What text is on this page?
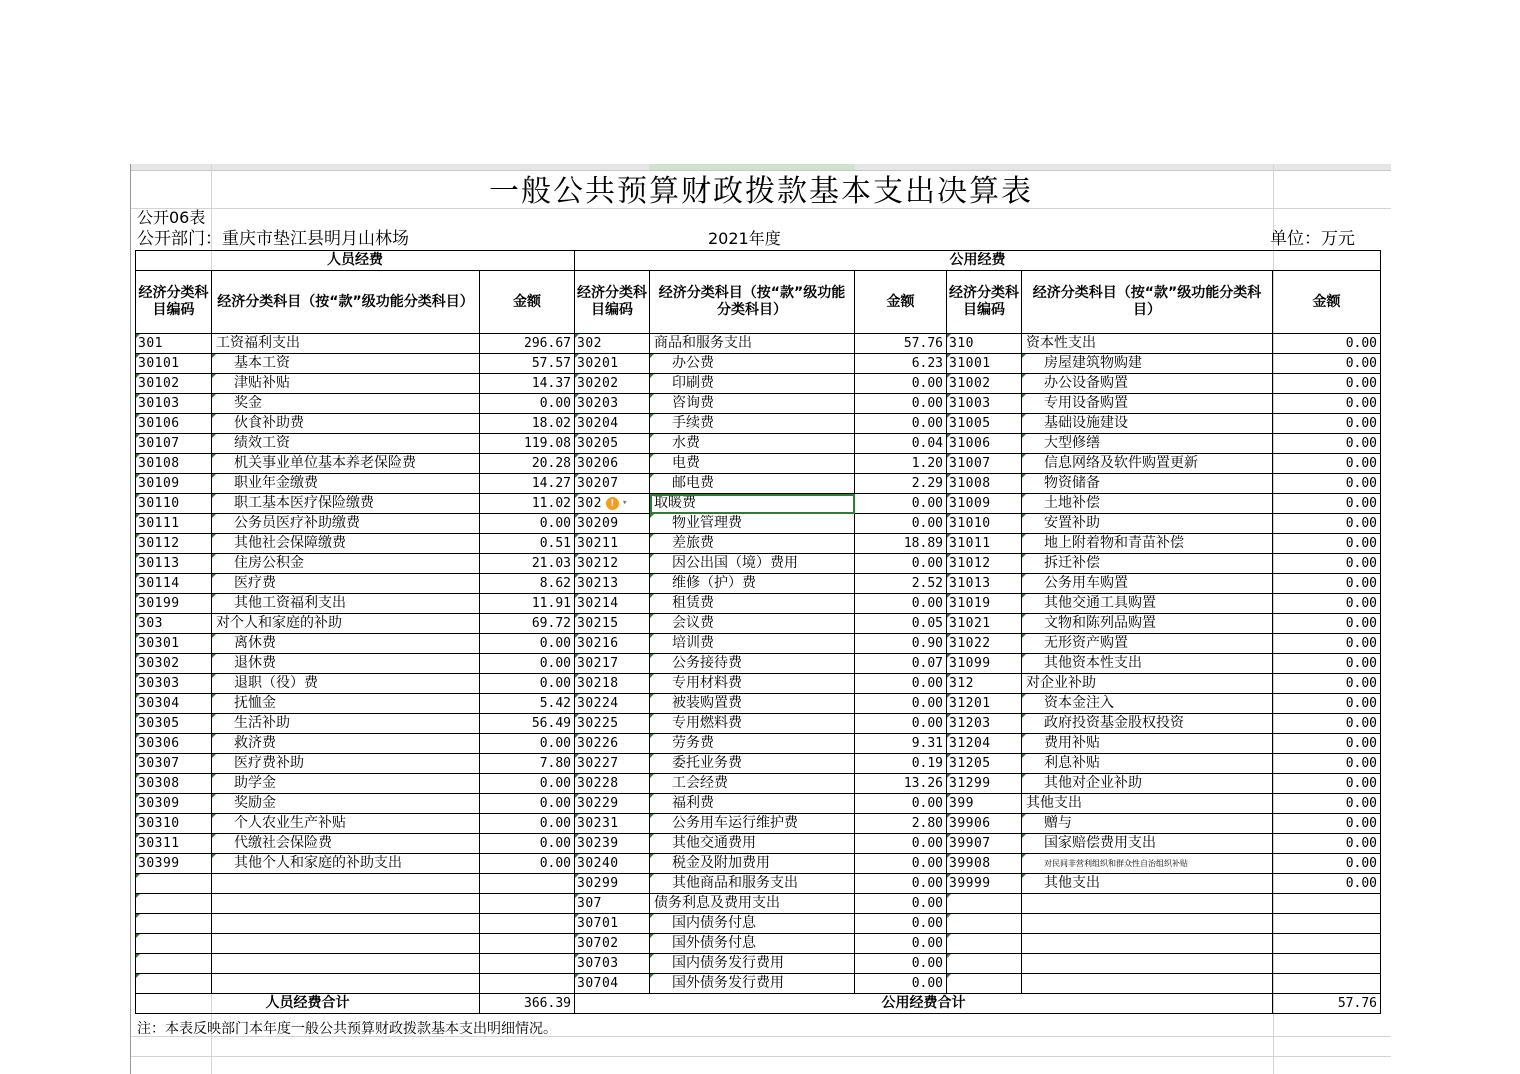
一般公共预算财政拨款基本支出决算表
公开06表
公开部门：重庆市垫江县明月山林场	2021年度	单位：万元
人员经费			公用经费					
经济分类科目编码	经济分类科目（按“款”级功能分类科目）	金额	经济分类科目编码	经济分类科目（按“款”级功能分类科目）	金额	经济分类科目编码	经济分类科目（按“款”级功能分类科目）	金额
301	工资福利支出	296.67	302	商品和服务支出	57.76	310	资本性支出	0.00
30101	基本工资	57.57	30201	办公费	6.23	31001	房屋建筑物购建	0.00
30102	津贴补贴	14.37	30202	印刷费	0.00	31002	办公设备购置	0.00
30103	奖金	0.00	30203	咨询费	0.00	31003	专用设备购置	0.00
30106	伙食补助费	18.02	30204	手续费	0.00	31005	基础设施建设	0.00
30107	绩效工资	119.08	30205	水费	0.04	31006	大型修缮	0.00
30108	机关事业单位基本养老保险费	20.28	30206	电费	1.20	31007	信息网络及软件购置更新	0.00
30109	职业年金缴费	14.27	30207	邮电费	2.29	31008	物资储备	0.00
30110	职工基本医疗保险缴费	11.02	302 ! ▾	取暖费	0.00	31009	土地补偿	0.00
30111	公务员医疗补助缴费	0.00	30209	物业管理费	0.00	31010	安置补助	0.00
30112	其他社会保障缴费	0.51	30211	差旅费	18.89	31011	地上附着物和青苗补偿	0.00
30113	住房公积金	21.03	30212	因公出国（境）费用	0.00	31012	拆迁补偿	0.00
30114	医疗费	8.62	30213	维修（护）费	2.52	31013	公务用车购置	0.00
30199	其他工资福利支出	11.91	30214	租赁费	0.00	31019	其他交通工具购置	0.00
303	对个人和家庭的补助	69.72	30215	会议费	0.05	31021	文物和陈列品购置	0.00
30301	离休费	0.00	30216	培训费	0.90	31022	无形资产购置	0.00
30302	退休费	0.00	30217	公务接待费	0.07	31099	其他资本性支出	0.00
30303	退职（役）费	0.00	30218	专用材料费	0.00	312	对企业补助	0.00
30304	抚恤金	5.42	30224	被装购置费	0.00	31201	资本金注入	0.00
30305	生活补助	56.49	30225	专用燃料费	0.00	31203	政府投资基金股权投资	0.00
30306	救济费	0.00	30226	劳务费	9.31	31204	费用补贴	0.00
30307	医疗费补助	7.80	30227	委托业务费	0.19	31205	利息补贴	0.00
30308	助学金	0.00	30228	工会经费	13.26	31299	其他对企业补助	0.00
30309	奖励金	0.00	30229	福利费	0.00	399	其他支出	0.00
30310	个人农业生产补贴	0.00	30231	公务用车运行维护费	2.80	39906	赠与	0.00
30311	代缴社会保险费	0.00	30239	其他交通费用	0.00	39907	国家赔偿费用支出	0.00
30399	其他个人和家庭的补助支出	0.00	30240	税金及附加费用	0.00	39908	对民间非营利组织和群众性自治组织补贴	0.00
			30299	其他商品和服务支出	0.00	39999	其他支出	0.00
			307	债务利息及费用支出	0.00			
			30701	国内债务付息	0.00			
			30702	国外债务付息	0.00			
			30703	国内债务发行费用	0.00			
			30704	国外债务发行费用	0.00			
人员经费合计		366.39	公用经费合计					57.76
注：本表反映部门本年度一般公共预算财政拨款基本支出明细情况。
